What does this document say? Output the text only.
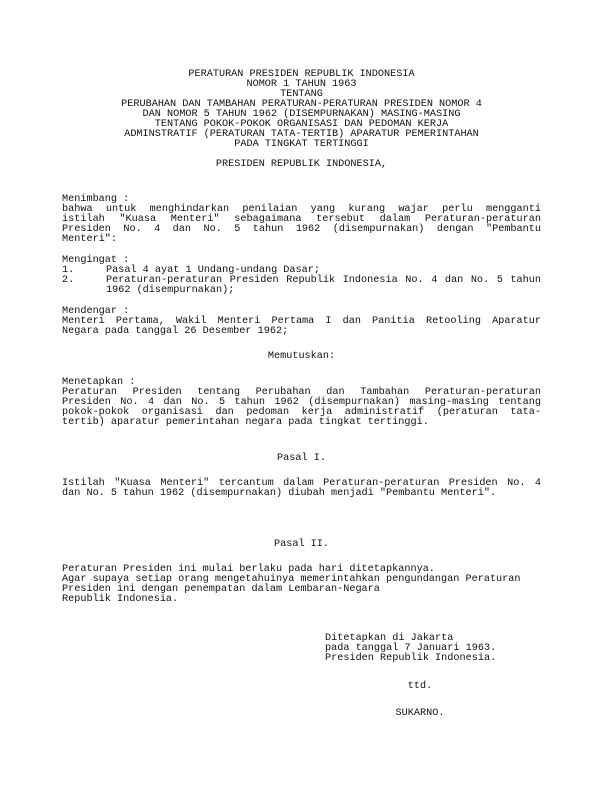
PERATURAN PRESIDEN REPUBLIK INDONESIA
NOMOR 1 TAHUN 1963
TENTANG
PERUBAHAN DAN TAMBAHAN PERATURAN-PERATURAN PRESIDEN NOMOR 4
DAN NOMOR 5 TAHUN 1962 (DISEMPURNAKAN) MASING-MASING
TENTANG POKOK-POKOK ORGANISASI DAN PEDOMAN KERJA
ADMINSTRATIF (PERATURAN TATA-TERTIB) APARATUR PEMERINTAHAN
PADA TINGKAT TERTINGGI
PRESIDEN REPUBLIK INDONESIA,
Menimbang :
bahwa untuk menghindarkan penilaian yang kurang wajar perlu mengganti
istilah "Kuasa Menteri" sebagaimana tersebut dalam Peraturan-peraturan
Presiden No. 4 dan No. 5 tahun 1962 (disempurnakan) dengan "Pembantu
Menteri":
Mengingat :
1.	Pasal 4 ayat 1 Undang-undang Dasar;
2.	Peraturan-peraturan Presiden Republik Indonesia No. 4 dan No. 5 tahun
1962 (disempurnakan);
Mendengar :
Menteri Pertama, Wakil Menteri Pertama I dan Panitia Retooling Aparatur
Negara pada tanggal 26 Desember 1962;
Memutuskan:
Menetapkan :
Peraturan Presiden tentang Perubahan dan Tambahan Peraturan-peraturan
Presiden No. 4 dan No. 5 tahun 1962 (disempurnakan) masing-masing tentang
pokok-pokok organisasi dan pedoman kerja administratif (peraturan tata-
tertib) aparatur pemerintahan negara pada tingkat tertinggi.
Pasal I.
Istilah "Kuasa Menteri" tercantum dalam Peraturan-peraturan Presiden No. 4
dan No. 5 tahun 1962 (disempurnakan) diubah menjadi "Pembantu Menteri".
Pasal II.
Peraturan Presiden ini mulai berlaku pada hari ditetapkannya.
Agar supaya setiap orang mengetahuinya memerintahkan pengundangan Peraturan
Presiden ini dengan penempatan dalam Lembaran-Negara
Republik Indonesia.
Ditetapkan di Jakarta
pada tanggal 7 Januari 1963.
Presiden Republik Indonesia.
ttd.
SUKARNO.
